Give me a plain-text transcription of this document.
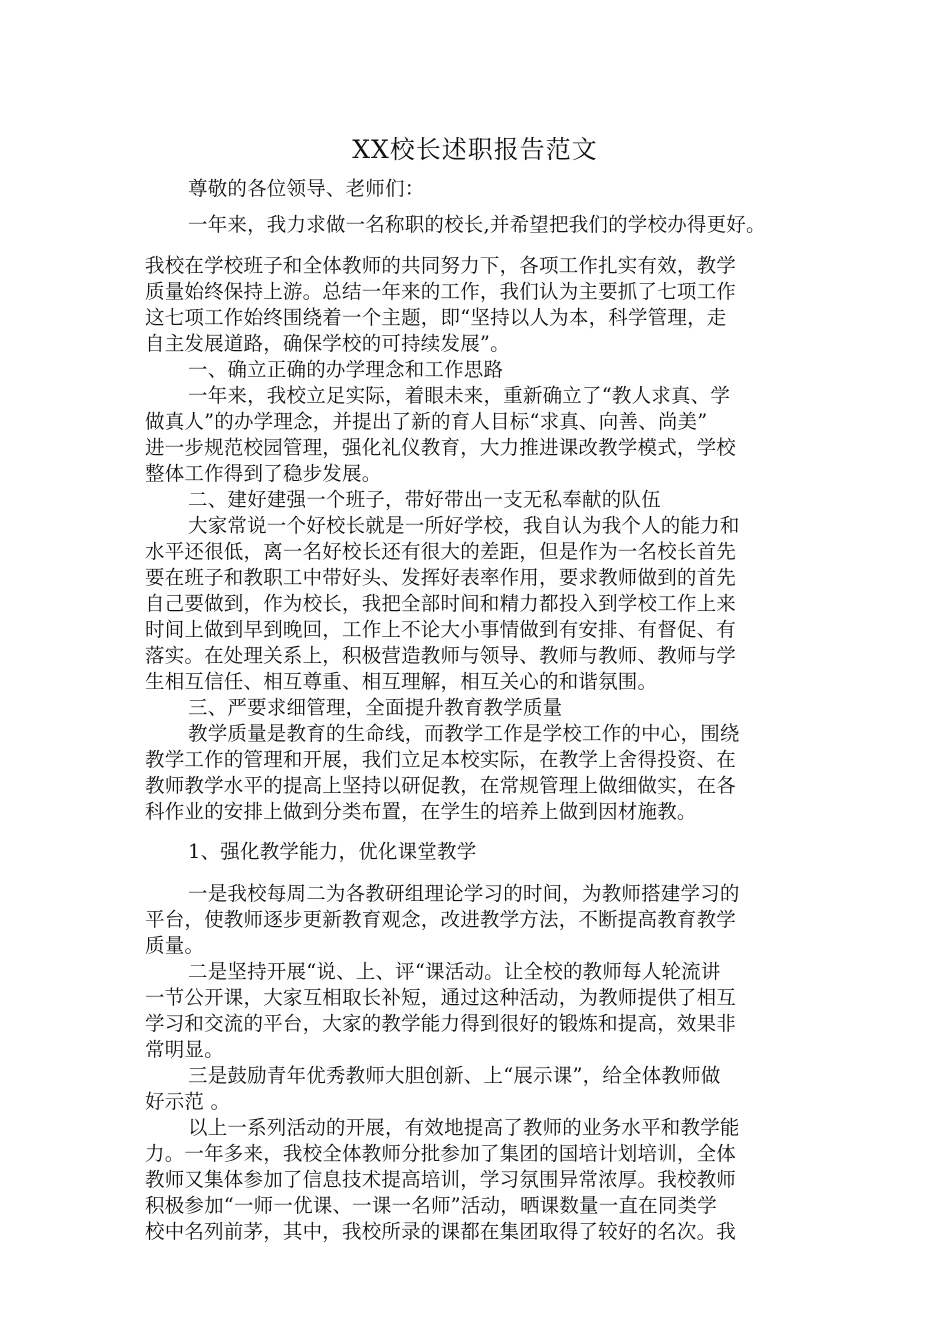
XX校长述职报告范文
尊敬的各位领导、老师们：
一年来，我力求做一名称职的校长,并希望把我们的学校办得更好。
我校在学校班子和全体教师的共同努力下，各项工作扎实有效，教学
质量始终保持上游。总结一年来的工作，我们认为主要抓了七项工作
这七项工作始终围绕着一个主题，即“坚持以人为本，科学管理，走
自主发展道路，确保学校的可持续发展”。
一、确立正确的办学理念和工作思路
一年来，我校立足实际，着眼未来，重新确立了“教人求真、学
做真人”的办学理念，并提出了新的育人目标“求真、向善、尚美”
进一步规范校园管理，强化礼仪教育，大力推进课改教学模式，学校
整体工作得到了稳步发展。
二、建好建强一个班子，带好带出一支无私奉献的队伍
大家常说一个好校长就是一所好学校，我自认为我个人的能力和
水平还很低，离一名好校长还有很大的差距，但是作为一名校长首先
要在班子和教职工中带好头、发挥好表率作用，要求教师做到的首先
自己要做到，作为校长，我把全部时间和精力都投入到学校工作上来
时间上做到早到晚回，工作上不论大小事情做到有安排、有督促、有
落实。在处理关系上，积极营造教师与领导、教师与教师、教师与学
生相互信任、相互尊重、相互理解，相互关心的和谐氛围。
三、严要求细管理，全面提升教育教学质量
教学质量是教育的生命线，而教学工作是学校工作的中心，围绕
教学工作的管理和开展，我们立足本校实际，在教学上舍得投资、在
教师教学水平的提高上坚持以研促教，在常规管理上做细做实，在各
科作业的安排上做到分类布置，在学生的培养上做到因材施教。
1、强化教学能力，优化课堂教学
一是我校每周二为各教研组理论学习的时间，为教师搭建学习的
平台，使教师逐步更新教育观念，改进教学方法，不断提高教育教学
质量。
二是坚持开展“说、上、评“课活动。让全校的教师每人轮流讲
一节公开课，大家互相取长补短，通过这种活动，为教师提供了相互
学习和交流的平台，大家的教学能力得到很好的锻炼和提高，效果非
常明显。
三是鼓励青年优秀教师大胆创新、上“展示课”，给全体教师做
好示范 。
以上一系列活动的开展，有效地提高了教师的业务水平和教学能
力。一年多来，我校全体教师分批参加了集团的国培计划培训，全体
教师又集体参加了信息技术提高培训，学习氛围异常浓厚。我校教师
积极参加“一师一优课、一课一名师”活动，晒课数量一直在同类学
校中名列前茅，其中，我校所录的课都在集团取得了较好的名次。我
